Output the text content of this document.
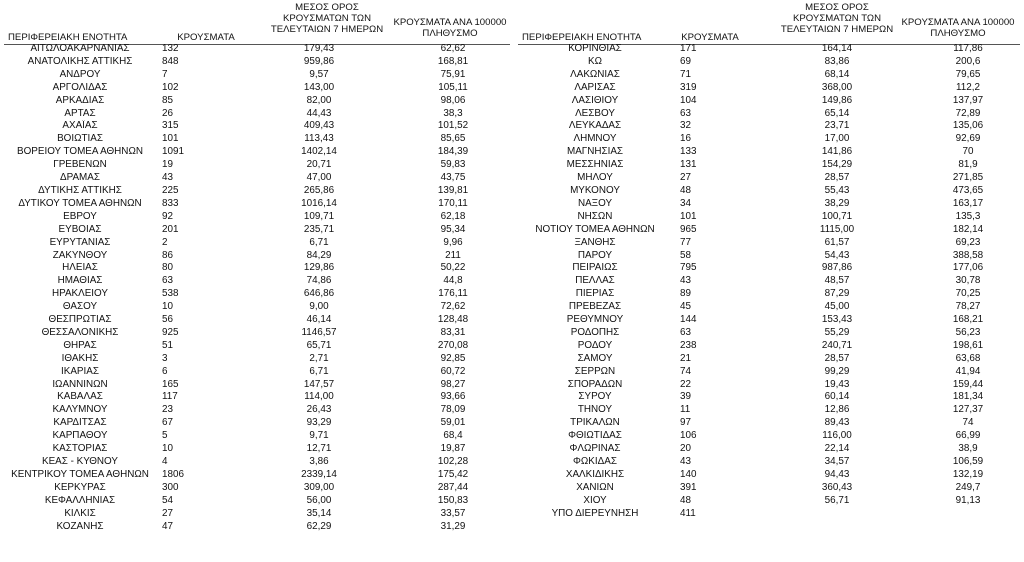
ΠΕΡΙΦΕΡΕΙΑΚΗ ΕΝΟΤΗΤΑ	ΚΡΟΥΣΜΑΤΑ
ΜΕΣΟΣ ΟΡΟΣ
ΚΡΟΥΣΜΑΤΩΝ ΤΩΝ
ΤΕΛΕΥΤΑΙΩΝ 7 ΗΜΕΡΩΝ
ΚΡΟΥΣΜΑΤΑ ΑΝΑ 100000
ΠΛΗΘΥΣΜΟ	ΠΕΡΙΦΕΡΕΙΑΚΗ ΕΝΟΤΗΤΑ	ΚΡΟΥΣΜΑΤΑ
ΜΕΣΟΣ ΟΡΟΣ
ΚΡΟΥΣΜΑΤΩΝ ΤΩΝ
ΤΕΛΕΥΤΑΙΩΝ 7 ΗΜΕΡΩΝ
ΚΡΟΥΣΜΑΤΑ ΑΝΑ 100000
ΠΛΗΘΥΣΜΟ
ΑΙΤΩΛΟΑΚΑΡΝΑΝΙΑΣ	132	179,43	62,62
ΑΝΑΤΟΛΙΚΗΣ ΑΤΤΙΚΗΣ	848	959,86	168,81
ΑΝΔΡΟΥ	7	9,57	75,91
ΑΡΓΟΛΙΔΑΣ	102	143,00	105,11
ΑΡΚΑΔΙΑΣ	85	82,00	98,06
ΑΡΤΑΣ	26	44,43	38,3
ΑΧΑΪΑΣ	315	409,43	101,52
ΒΟΙΩΤΙΑΣ	101	113,43	85,65
ΒΟΡΕΙΟΥ ΤΟΜΕΑ ΑΘΗΝΩΝ	1091	1402,14	184,39
ΓΡΕΒΕΝΩΝ	19	20,71	59,83
ΔΡΑΜΑΣ	43	47,00	43,75
ΔΥΤΙΚΗΣ ΑΤΤΙΚΗΣ	225	265,86	139,81
ΔΥΤΙΚΟΥ ΤΟΜΕΑ ΑΘΗΝΩΝ	833	1016,14	170,11
ΕΒΡΟΥ	92	109,71	62,18
ΕΥΒΟΙΑΣ	201	235,71	95,34
ΕΥΡΥΤΑΝΙΑΣ	2	6,71	9,96
ΖΑΚΥΝΘΟΥ	86	84,29	211
ΗΛΕΙΑΣ	80	129,86	50,22
ΗΜΑΘΙΑΣ	63	74,86	44,8
ΗΡΑΚΛΕΙΟΥ	538	646,86	176,11
ΘΑΣΟΥ	10	9,00	72,62
ΘΕΣΠΡΩΤΙΑΣ	56	46,14	128,48
ΘΕΣΣΑΛΟΝΙΚΗΣ	925	1146,57	83,31
ΘΗΡΑΣ	51	65,71	270,08
ΙΘΑΚΗΣ	3	2,71	92,85
ΙΚΑΡΙΑΣ	6	6,71	60,72
ΙΩΑΝΝΙΝΩΝ	165	147,57	98,27
ΚΑΒΑΛΑΣ	117	114,00	93,66
ΚΑΛΥΜΝΟΥ	23	26,43	78,09
ΚΑΡΔΙΤΣΑΣ	67	93,29	59,01
ΚΑΡΠΑΘΟΥ	5	9,71	68,4
ΚΑΣΤΟΡΙΑΣ	10	12,71	19,87
ΚΕΑΣ - ΚΥΘΝΟΥ	4	3,86	102,28
ΚΕΝΤΡΙΚΟΥ ΤΟΜΕΑ ΑΘΗΝΩΝ	1806	2339,14	175,42
ΚΕΡΚΥΡΑΣ	300	309,00	287,44
ΚΕΦΑΛΛΗΝΙΑΣ	54	56,00	150,83
ΚΙΛΚΙΣ	27	35,14	33,57
ΚΟΖΑΝΗΣ	47	62,29	31,29
ΚΟΡΙΝΘΙΑΣ	171	164,14	117,86
ΚΩ	69	83,86	200,6
ΛΑΚΩΝΙΑΣ	71	68,14	79,65
ΛΑΡΙΣΑΣ	319	368,00	112,2
ΛΑΣΙΘΙΟΥ	104	149,86	137,97
ΛΕΣΒΟΥ	63	65,14	72,89
ΛΕΥΚΑΔΑΣ	32	23,71	135,06
ΛΗΜΝΟΥ	16	17,00	92,69
ΜΑΓΝΗΣΙΑΣ	133	141,86	70
ΜΕΣΣΗΝΙΑΣ	131	154,29	81,9
ΜΗΛΟΥ	27	28,57	271,85
ΜΥΚΟΝΟΥ	48	55,43	473,65
ΝΑΞΟΥ	34	38,29	163,17
ΝΗΣΩΝ	101	100,71	135,3
ΝΟΤΙΟΥ ΤΟΜΕΑ ΑΘΗΝΩΝ	965	1115,00	182,14
ΞΑΝΘΗΣ	77	61,57	69,23
ΠΑΡΟΥ	58	54,43	388,58
ΠΕΙΡΑΙΩΣ	795	987,86	177,06
ΠΕΛΛΑΣ	43	48,57	30,78
ΠΙΕΡΙΑΣ	89	87,29	70,25
ΠΡΕΒΕΖΑΣ	45	45,00	78,27
ΡΕΘΥΜΝΟΥ	144	153,43	168,21
ΡΟΔΟΠΗΣ	63	55,29	56,23
ΡΟΔΟΥ	238	240,71	198,61
ΣΑΜΟΥ	21	28,57	63,68
ΣΕΡΡΩΝ	74	99,29	41,94
ΣΠΟΡΑΔΩΝ	22	19,43	159,44
ΣΥΡΟΥ	39	60,14	181,34
ΤΗΝΟΥ	11	12,86	127,37
ΤΡΙΚΑΛΩΝ	97	89,43	74
ΦΘΙΩΤΙΔΑΣ	106	116,00	66,99
ΦΛΩΡΙΝΑΣ	20	22,14	38,9
ΦΩΚΙΔΑΣ	43	34,57	106,59
ΧΑΛΚΙΔΙΚΗΣ	140	94,43	132,19
ΧΑΝΙΩΝ	391	360,43	249,7
ΧΙΟΥ	48	56,71	91,13
ΥΠΟ ΔΙΕΡΕΥΝΗΣΗ	411		
